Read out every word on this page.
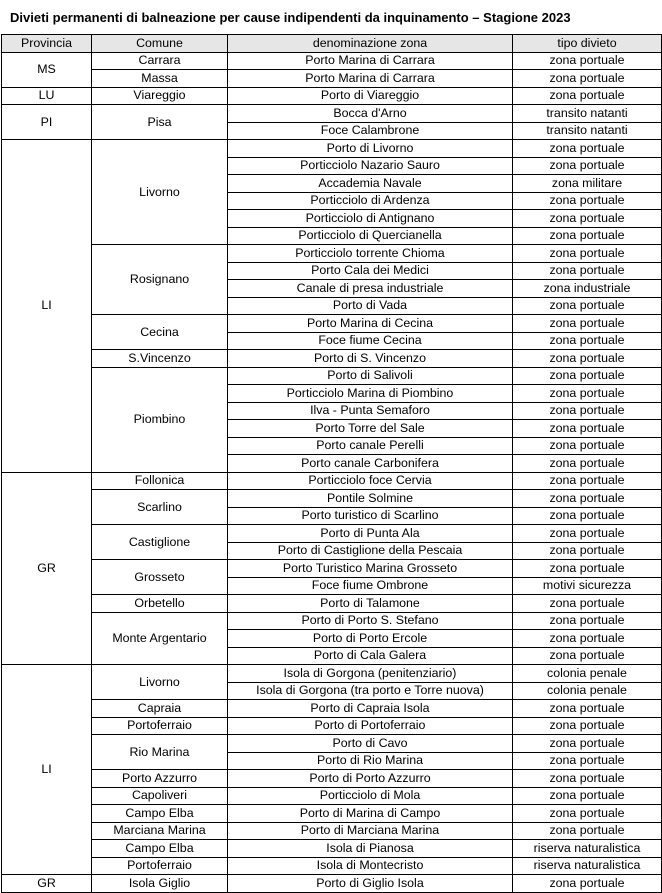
Divieti permanenti di balneazione per cause indipendenti da inquinamento – Stagione 2023
Provincia	Comune	denominazione zona	tipo divieto
MS	Carrara	Porto Marina di Carrara	zona portuale
	Massa	Porto Marina di Carrara	zona portuale
LU	Viareggio	Porto di Viareggio	zona portuale
PI	Pisa	Bocca d'Arno	transito natanti
		Foce Calambrone	transito natanti
LI	Livorno	Porto di Livorno	zona portuale
		Porticciolo Nazario Sauro	zona portuale
		Accademia Navale	zona militare
		Porticciolo di Ardenza	zona portuale
		Porticciolo di Antignano	zona portuale
		Porticciolo di Quercianella	zona portuale
	Rosignano	Porticciolo torrente Chioma	zona portuale
		Porto Cala dei Medici	zona portuale
		Canale di presa industriale	zona industriale
		Porto di Vada	zona portuale
	Cecina	Porto Marina di Cecina	zona portuale
		Foce fiume Cecina	zona portuale
	S.Vincenzo	Porto di S. Vincenzo	zona portuale
	Piombino	Porto di Salivoli	zona portuale
		Porticciolo Marina di Piombino	zona portuale
		Ilva - Punta Semaforo	zona portuale
		Porto Torre del Sale	zona portuale
		Porto canale Perelli	zona portuale
		Porto canale Carbonifera	zona portuale
GR	Follonica	Porticciolo foce Cervia	zona portuale
	Scarlino	Pontile Solmine	zona portuale
		Porto turistico di Scarlino	zona portuale
	Castiglione	Porto di Punta Ala	zona portuale
		Porto di Castiglione della Pescaia	zona portuale
	Grosseto	Porto Turistico Marina Grosseto	zona portuale
		Foce fiume Ombrone	motivi sicurezza
	Orbetello	Porto di Talamone	zona portuale
	Monte Argentario	Porto di Porto S. Stefano	zona portuale
		Porto di Porto Ercole	zona portuale
		Porto di Cala Galera	zona portuale
LI	Livorno	Isola di Gorgona (penitenziario)	colonia penale
		Isola di Gorgona (tra porto e Torre nuova)	colonia penale
	Capraia	Porto di Capraia Isola	zona portuale
	Portoferraio	Porto di Portoferraio	zona portuale
	Rio Marina	Porto di Cavo	zona portuale
		Porto di Rio Marina	zona portuale
	Porto Azzurro	Porto di Porto Azzurro	zona portuale
	Capoliveri	Porticciolo di Mola	zona portuale
	Campo Elba	Porto di Marina di Campo	zona portuale
	Marciana Marina	Porto di Marciana Marina	zona portuale
	Campo Elba	Isola di Pianosa	riserva naturalistica
	Portoferraio	Isola di Montecristo	riserva naturalistica
GR	Isola Giglio	Porto di Giglio Isola	zona portuale
